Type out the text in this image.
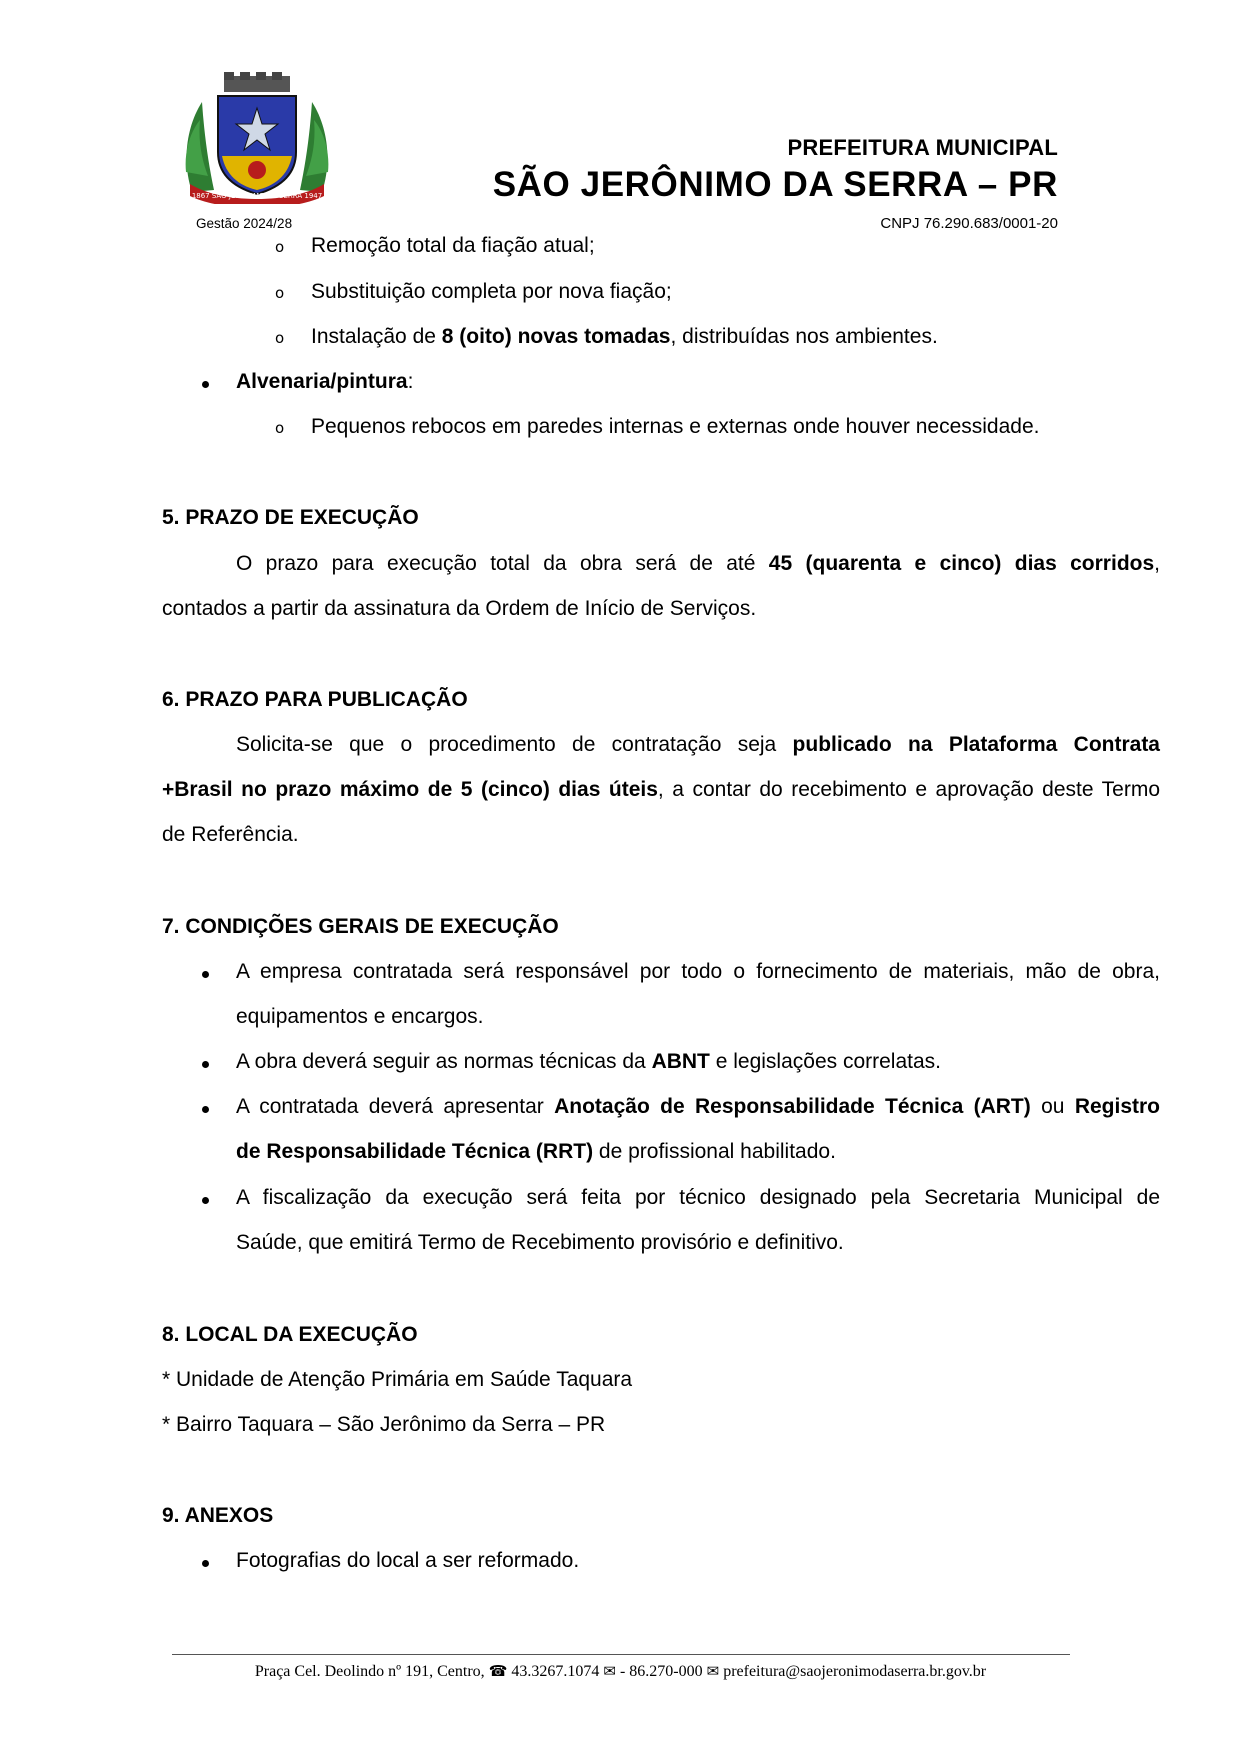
1867 SÃO JERÔNIMO DA SERRA 1947
Gestão 2024/28
PREFEITURA MUNICIPAL
SÃO JERÔNIMO DA SERRA – PR
CNPJ 76.290.683/0001-20
o Remoção total da fiação atual;
o Substituição completa por nova fiação;
o Instalação de 8 (oito) novas tomadas, distribuídas nos ambientes.
Alvenaria/pintura:
o Pequenos rebocos em paredes internas e externas onde houver necessidade.
5. PRAZO DE EXECUÇÃO
O prazo para execução total da obra será de até 45 (quarenta e cinco) dias corridos,
contados a partir da assinatura da Ordem de Início de Serviços.
6. PRAZO PARA PUBLICAÇÃO
Solicita-se que o procedimento de contratação seja publicado na Plataforma Contrata
+Brasil no prazo máximo de 5 (cinco) dias úteis, a contar do recebimento e aprovação deste Termo
de Referência.
7. CONDIÇÕES GERAIS DE EXECUÇÃO
A empresa contratada será responsável por todo o fornecimento de materiais, mão de obra,
equipamentos e encargos.
A obra deverá seguir as normas técnicas da ABNT e legislações correlatas.
A contratada deverá apresentar Anotação de Responsabilidade Técnica (ART) ou Registro
de Responsabilidade Técnica (RRT) de profissional habilitado.
A fiscalização da execução será feita por técnico designado pela Secretaria Municipal de
Saúde, que emitirá Termo de Recebimento provisório e definitivo.
8. LOCAL DA EXECUÇÃO
* Unidade de Atenção Primária em Saúde Taquara
* Bairro Taquara – São Jerônimo da Serra – PR
9. ANEXOS
Fotografias do local a ser reformado.
Praça Cel. Deolindo nº 191, Centro, ☎ 43.3267.1074 ✉ - 86.270-000 ✉ prefeitura@saojeronimodaserra.br.gov.br
